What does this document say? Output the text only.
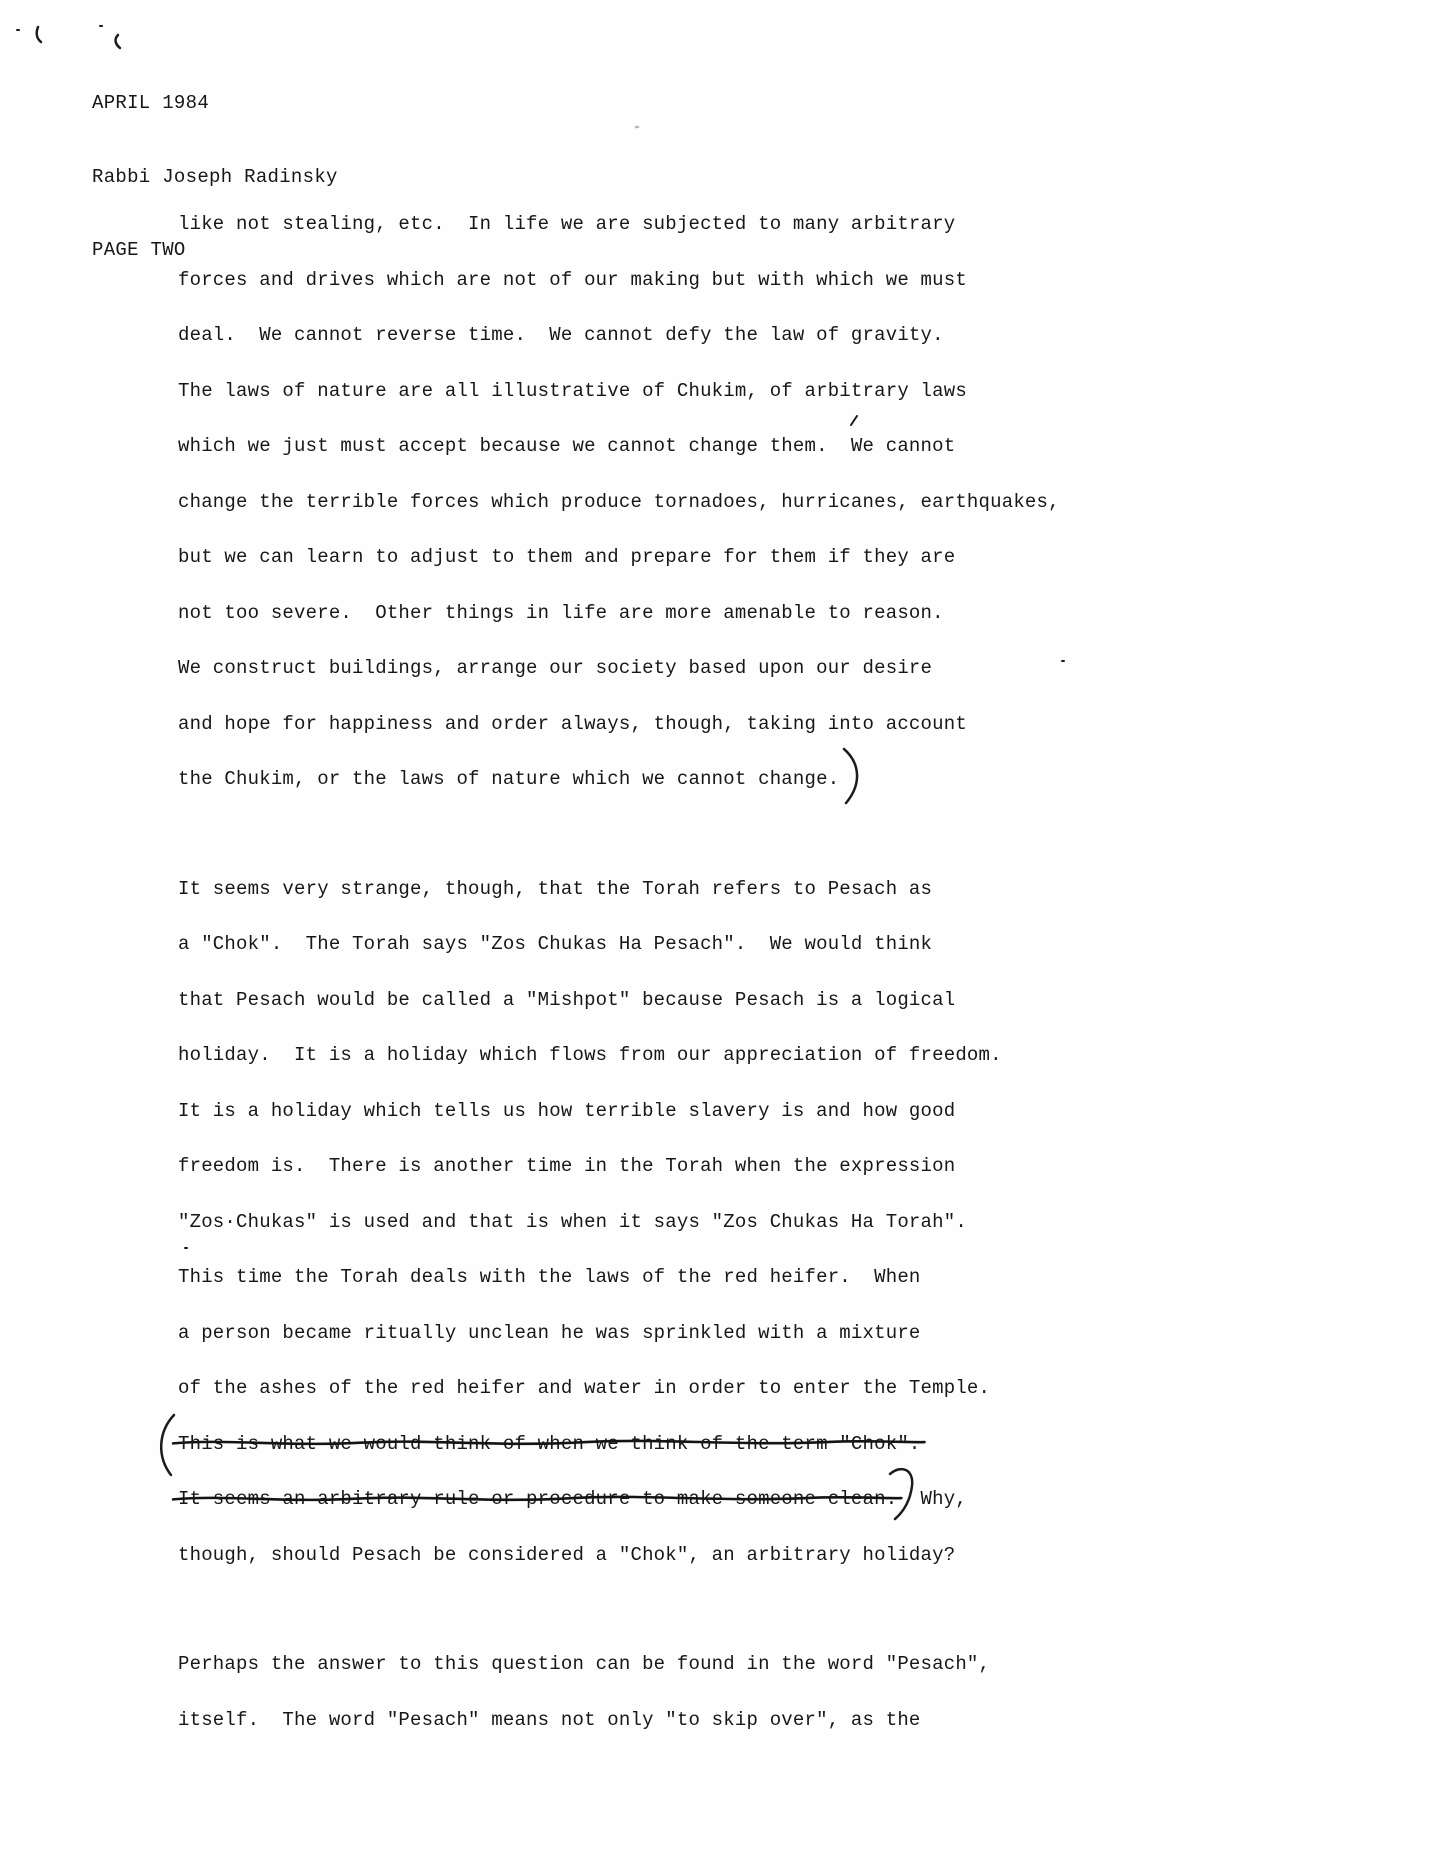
APRIL 1984

Rabbi Joseph Radinsky

PAGE TWO

like not stealing, etc.  In life we are subjected to many arbitrary
forces and drives which are not of our making but with which we must
deal.  We cannot reverse time.  We cannot defy the law of gravity.
The laws of nature are all illustrative of Chukim, of arbitrary laws
which we just must accept because we cannot change them.  We cannot
change the terrible forces which produce tornadoes, hurricanes, earthquakes,
but we can learn to adjust to them and prepare for them if they are
not too severe.  Other things in life are more amenable to reason.
We construct buildings, arrange our society based upon our desire
and hope for happiness and order always, though, taking into account
the Chukim, or the laws of nature which we cannot change.
It seems very strange, though, that the Torah refers to Pesach as
a "Chok".  The Torah says "Zos Chukas Ha Pesach".  We would think
that Pesach would be called a "Mishpot" because Pesach is a logical
holiday.  It is a holiday which flows from our appreciation of freedom.
It is a holiday which tells us how terrible slavery is and how good
freedom is.  There is another time in the Torah when the expression
"Zos·Chukas" is used and that is when it says "Zos Chukas Ha Torah".
This time the Torah deals with the laws of the red heifer.  When
a person became ritually unclean he was sprinkled with a mixture
of the ashes of the red heifer and water in order to enter the Temple.
This is what we would think of when we think of the term "Chok".
It seems an arbitrary rule or procedure to make someone clean.
Why,
though, should Pesach be considered a "Chok", an arbitrary holiday?
Perhaps the answer to this question can be found in the word "Pesach",
itself.  The word "Pesach" means not only "to skip over", as the
